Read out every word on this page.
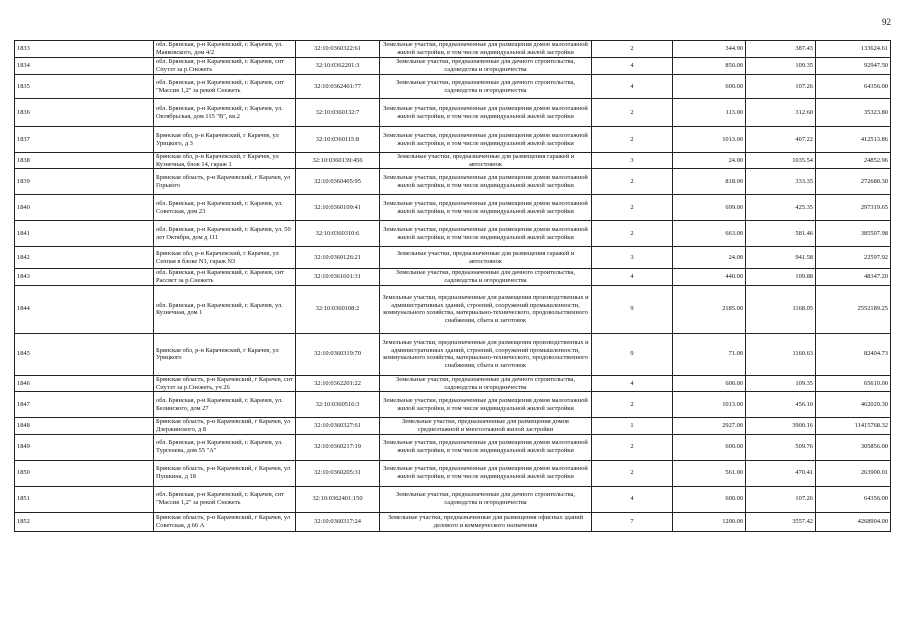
92
1833	обл. Брянская, р-н Карачевский, г. Карачев, ул. Маяковского, дом 4/2	32:10:0360322:61	Земельные участки, предназначенные для размещения домов малоэтажной жилой застройки, в том числе индивидуальной жилой застройки	2	344.90	387.43	133624.61
1834	обл. Брянская, р-н Карачевский, г. Карачев, снт Спутэт за р.Снежеть	32:10:0362201:3	Земельные участки, предназначенные для дачного строительства, садоводства и огородничества	4	850.00	109.35	92947.50
1835	обл. Брянская, р-н Карачевский, г. Карачев, снт "Массив 1,2" за рекой Снежеть	32:10:0362401:77	Земельные участки, предназначенные для дачного строительства, садоводства и огородничества	4	600.00	107.26	64356.00
1836	обл. Брянская, р-н Карачевский, г. Карачев, ул. Октябрьская, дом 115 "В", кв.2	32:10:0360132:7	Земельные участки, предназначенные для размещения домов малоэтажной жилой застройки, в том числе индивидуальной жилой застройки	2	113.00	312.60	35323.80
1837	Брянская обл, р-н Карачевский, г Карачев, ул Урицкого, д 3	32:10:0360115:8	Земельные участки, предназначенные для размещения домов малоэтажной жилой застройки, в том числе индивидуальной жилой застройки	2	1013.00	407.22	412513.86
1838	Брянская обл, р-н Карачевский, г Карачев, ул Кузнечная, блок 14, гараж 1	32:10:0360139:456	Земельные участки, предназначенные для размещения гаражей и автостоянок	3	24.00	1035.54	24852.96
1839	Брянская область, р-н Карачевский, г Карачев, ул Горького	32:10:0360405:95	Земельные участки, предназначенные для размещения домов малоэтажной жилой застройки, в том числе индивидуальной жилой застройки	2	818.00	333.35	272680.30
1840	обл. Брянская, р-н Карачевский, г. Карачев, ул. Советская, дом 23	32:10:0360109:41	Земельные участки, предназначенные для размещения домов малоэтажной жилой застройки, в том числе индивидуальной жилой застройки	2	699.00	425.35	297319.65
1841	обл. Брянская, р-н Карачевский, г. Карачев, ул. 50 лет Октября, дом д 111	32:10:0360310:6	Земельные участки, предназначенные для размещения домов малоэтажной жилой застройки, в том числе индивидуальной жилой застройки	2	663.00	581.46	385507.98
1842	Брянская обл, р-н Карачевский, г Карачев, ул Сеппая в блоке N1, гараж N3	32:10:0360126:21	Земельные участки, предназначенные для размещения гаражей и автостоянок	3	24.00	941.58	22597.92
1843	обл. Брянская, р-н Карачевский, г. Карачев, снт Рассвет за р.Снежеть	32:10:0361601:31	Земельные участки, предназначенные для дачного строительства, садоводства и огородничества	4	440.00	109.88	48347.20
1844	обл. Брянская, р-н Карачевский, г. Карачев, ул. Кузнечная, дом 1	32:10:0360108:2	Земельные участки, предназначенные для размещения производственных и административных зданий, строений, сооружений промышленности, коммунального хозяйства, материально-технического, продовольственного снабжения, сбыта и заготовок	9	2185.00	1168.05	2552189.25
1845	Брянская обл, р-н Карачевский, г Карачев, ул Урицкого	32:10:0360319:70	Земельные участки, предназначенные для размещения производственных и административных зданий, строений, сооружений промышленности, коммунального хозяйства, материально-технического, продовольственного снабжения, сбыта и заготовок	9	71.00	1160.63	82404.73
1846	Брянская область, р-н Карачевский, г Карачев, снт Спутэт за р.Снежеть, уч 26	32:10:0362201:22	Земельные участки, предназначенные для дачного строительства, садоводства и огородничества	4	600.00	109.35	65610.00
1847	обл. Брянская, р-н Карачевский, г. Карачев, ул. Белинского, дом 27	32:10:0360516:3	Земельные участки, предназначенные для размещения домов малоэтажной жилой застройки, в том числе индивидуальной жилой застройки	2	1013.00	456.10	462029.30
1848	Брянская область, р-н Карачевский, г Карачев, ул Дзержинского, д 8	32:10:0360327:61	Земельные участки, предназначенные для размещения домов среднеэтажной и многоэтажной жилой застройки	1	2927.00	3900.16	11415768.32
1849	обл. Брянская, р-н Карачевский, г. Карачев, ул. Тургенева, дом 55 "А"	32:10:0360217:19	Земельные участки, предназначенные для размещения домов малоэтажной жилой застройки, в том числе индивидуальной жилой застройки	2	600.00	509.76	305856.00
1850	Брянская область, р-н Карачевский, г Карачев, ул Пушкина, д 18	32:10:0360205:31	Земельные участки, предназначенные для размещения домов малоэтажной жилой застройки, в том числе индивидуальной жилой застройки	2	561.00	470.41	263900.01
1851	обл. Брянская, р-н Карачевский, г. Карачев, снт "Массив 1,2" за рекой Снежеть	32:10:0362401:150	Земельные участки, предназначенные для дачного строительства, садоводства и огородничества	4	600.00	107.26	64356.00
1852	Брянская область, р-н Карачевский, г Карачев, ул Советская, д 66 А	32:10:0360317:24	Земельные участки, предназначенные для размещения офисных зданий делового и коммерческого назначения	7	1200.00	3557.42	4268904.00
